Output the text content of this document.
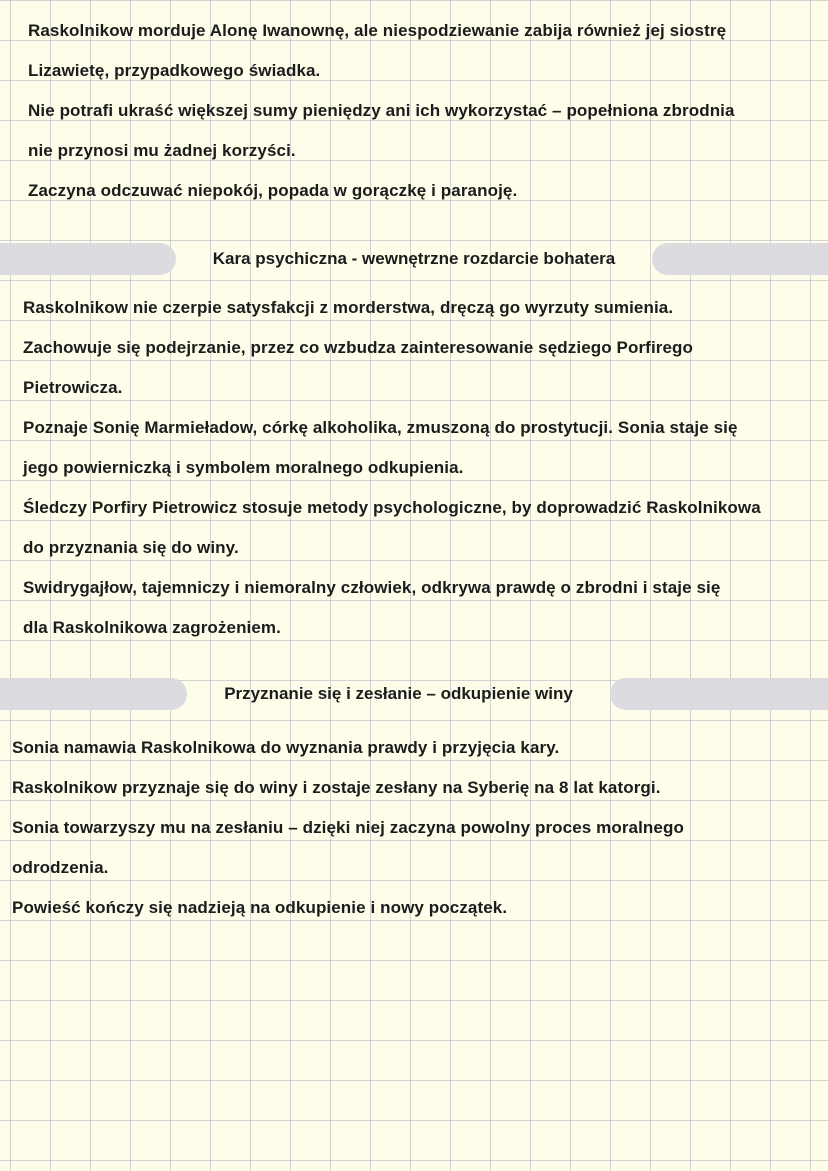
Raskolnikow morduje Alonę Iwanownę, ale niespodziewanie zabija również jej siostrę
Lizawietę, przypadkowego świadka.
Nie potrafi ukraść większej sumy pieniędzy ani ich wykorzystać – popełniona zbrodnia
nie przynosi mu żadnej korzyści.
Zaczyna odczuwać niepokój, popada w gorączkę i paranoję.
Kara psychiczna - wewnętrzne rozdarcie bohatera
Raskolnikow nie czerpie satysfakcji z morderstwa, dręczą go wyrzuty sumienia.
Zachowuje się podejrzanie, przez co wzbudza zainteresowanie sędziego Porfirego
Pietrowicza.
Poznaje Sonię Marmieładow, córkę alkoholika, zmuszoną do prostytucji. Sonia staje się
jego powierniczką i symbolem moralnego odkupienia.
Śledczy Porfiry Pietrowicz stosuje metody psychologiczne, by doprowadzić Raskolnikowa
do przyznania się do winy.
Swidrygajłow, tajemniczy i niemoralny człowiek, odkrywa prawdę o zbrodni i staje się
dla Raskolnikowa zagrożeniem.
Przyznanie się i zesłanie – odkupienie winy
Sonia namawia Raskolnikowa do wyznania prawdy i przyjęcia kary.
Raskolnikow przyznaje się do winy i zostaje zesłany na Syberię na 8 lat katorgi.
Sonia towarzyszy mu na zesłaniu – dzięki niej zaczyna powolny proces moralnego
odrodzenia.
Powieść kończy się nadzieją na odkupienie i nowy początek.
